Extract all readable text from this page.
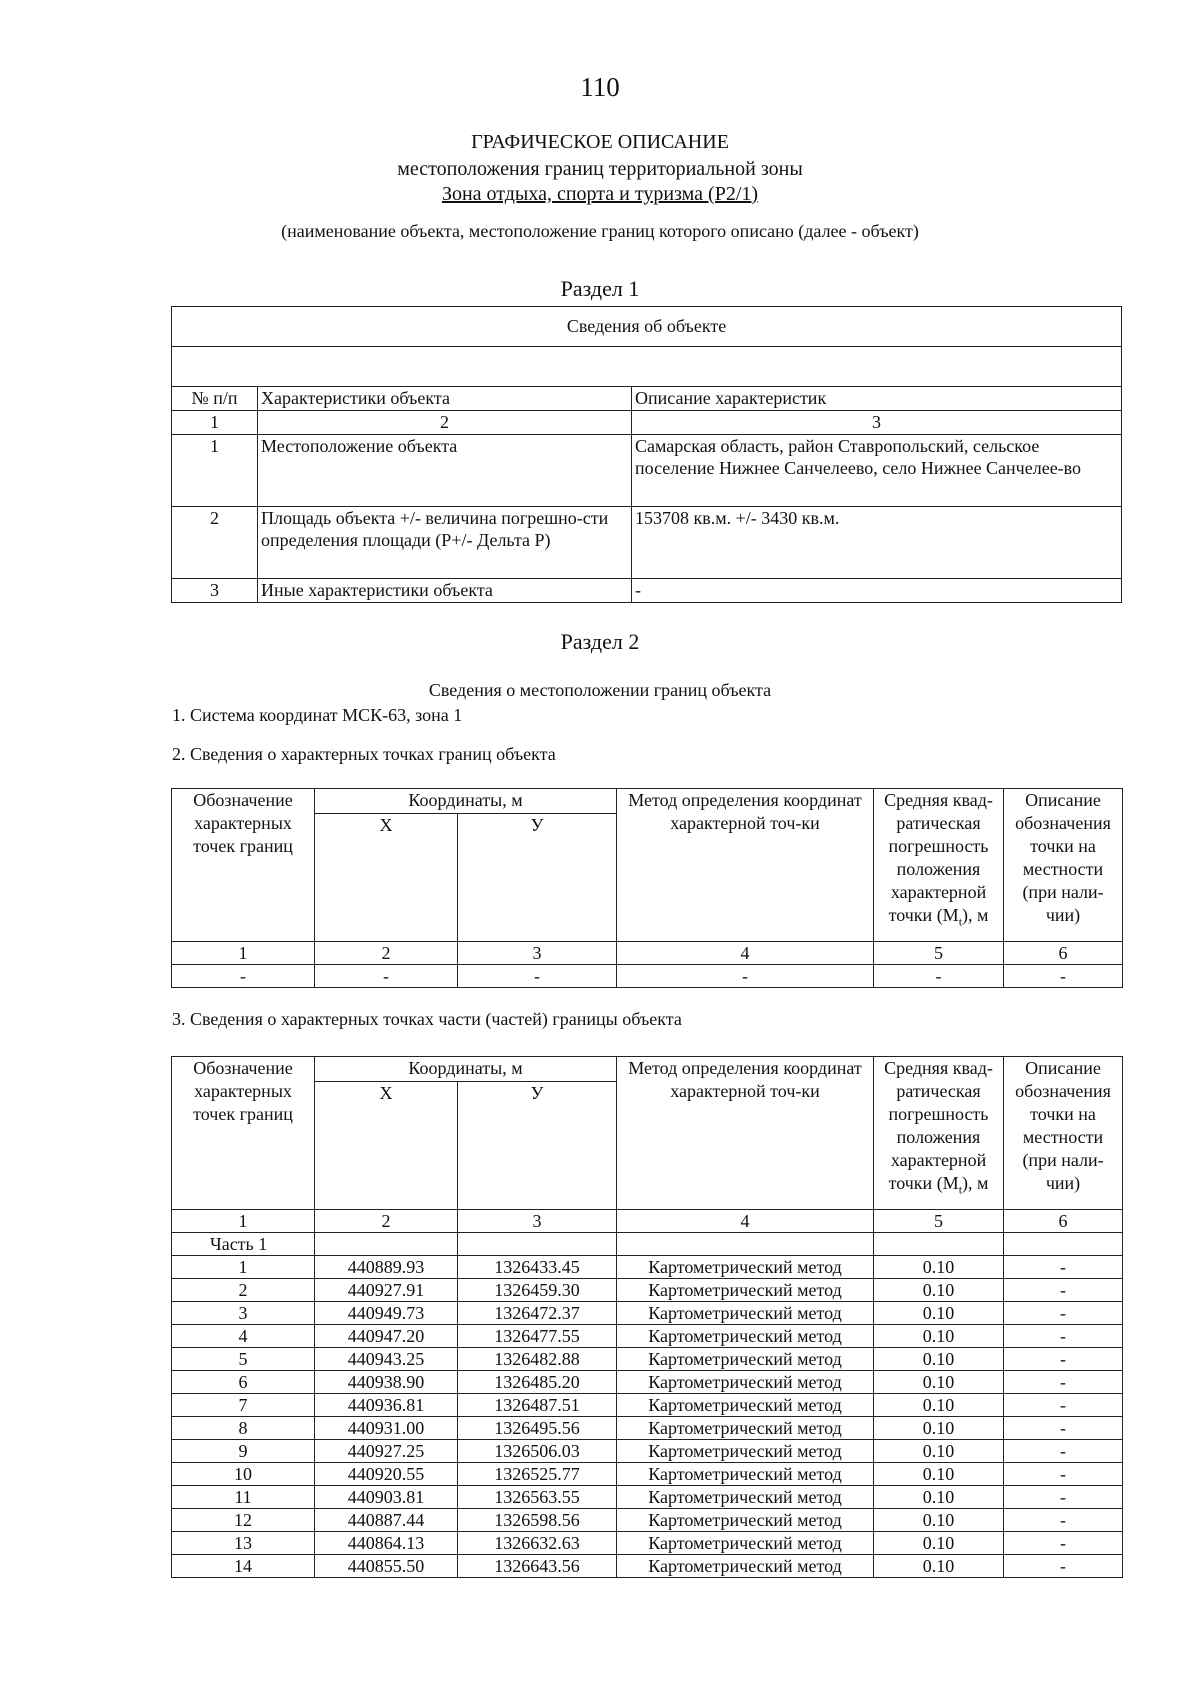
110
ГРАФИЧЕСКОЕ ОПИСАНИЕ
местоположения границ территориальной зоны
Зона отдыха, спорта и туризма (Р2/1)
(наименование объекта, местоположение границ которого описано (далее - объект)
Раздел 1
Сведения об объекте		

№ п/п	Характеристики объекта	Описание характеристик
1	2	3
1	Местоположение объекта	Самарская область, район Ставропольский, сельское поселение Нижнее Санчелеево, село Нижнее Санчелее-во
2	Площадь объекта +/- величина погрешно-сти определения площади (Р+/- Дельта Р)	153708 кв.м. +/- 3430 кв.м.
3	Иные характеристики объекта	-
Раздел 2
Сведения о местоположении границ объекта
1. Система координат МСК-63, зона 1
2. Сведения о характерных точках границ объекта
Обозначение характерных точек границ	Координаты, м		Метод определения координат характерной точ-ки	Средняя квад-ратическая погрешность положения характерной точки $(М_t)$, м	Описание обозначения точки на местности (при нали-чии)
	Х	У			
1	2	3	4	5	6
-	-	-	-	-	-
3. Сведения о характерных точках части (частей) границы объекта
Обозначение характерных точек границ	Координаты, м		Метод определения координат характерной точ-ки	Средняя квад-ратическая погрешность положения характерной точки $(М_t)$, м	Описание обозначения точки на местности (при нали-чии)
	Х	У			
1	2	3	4	5	6
Часть 1					
1	440889.93	1326433.45	Картометрический метод	0.10	-
2	440927.91	1326459.30	Картометрический метод	0.10	-
3	440949.73	1326472.37	Картометрический метод	0.10	-
4	440947.20	1326477.55	Картометрический метод	0.10	-
5	440943.25	1326482.88	Картометрический метод	0.10	-
6	440938.90	1326485.20	Картометрический метод	0.10	-
7	440936.81	1326487.51	Картометрический метод	0.10	-
8	440931.00	1326495.56	Картометрический метод	0.10	-
9	440927.25	1326506.03	Картометрический метод	0.10	-
10	440920.55	1326525.77	Картометрический метод	0.10	-
11	440903.81	1326563.55	Картометрический метод	0.10	-
12	440887.44	1326598.56	Картометрический метод	0.10	-
13	440864.13	1326632.63	Картометрический метод	0.10	-
14	440855.50	1326643.56	Картометрический метод	0.10	-
